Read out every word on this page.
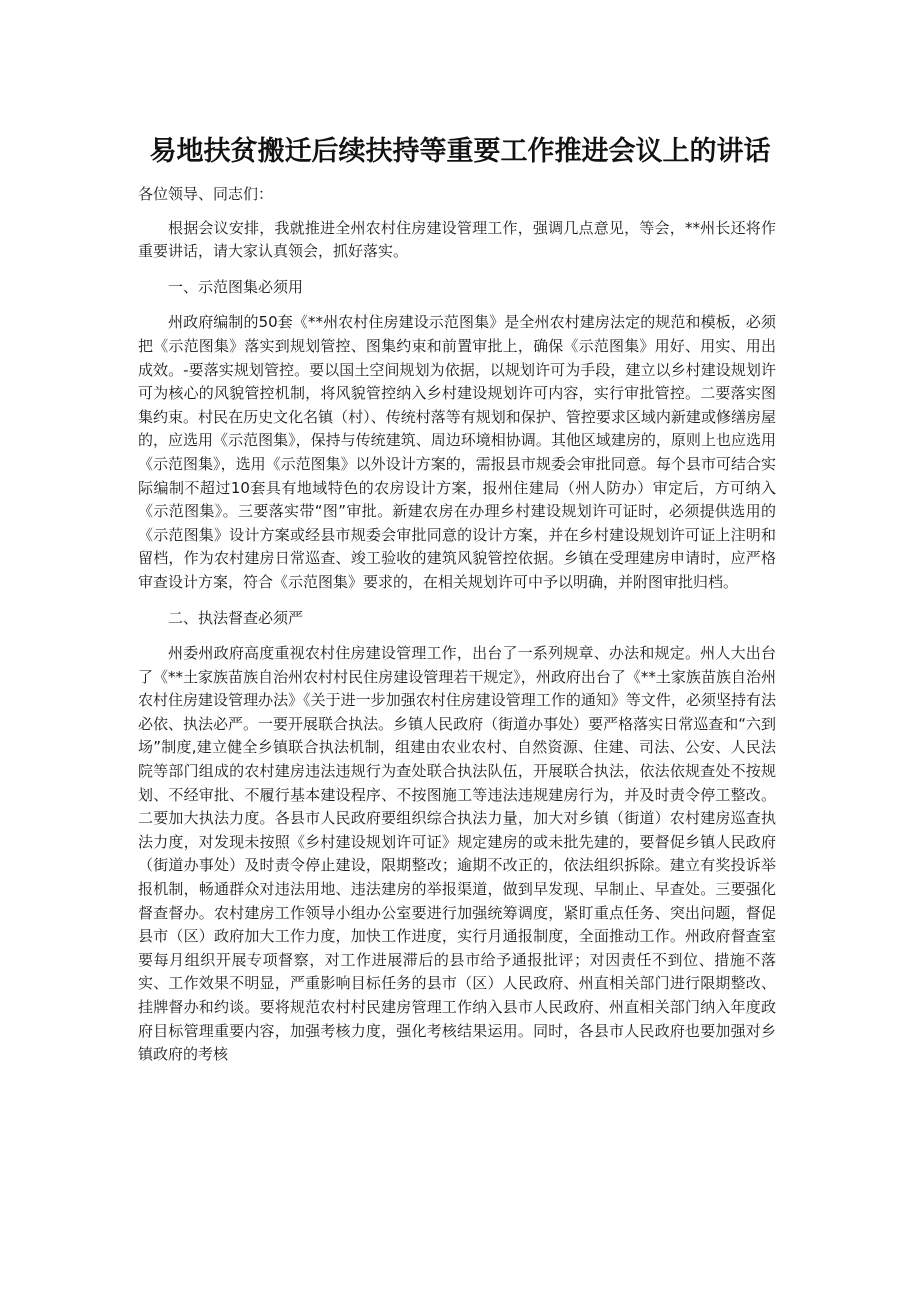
易地扶贫搬迁后续扶持等重要工作推进会议上的讲话

各位领导、同志们：

根据会议安排，我就推进全州农村住房建设管理工作，强调几点意见，等会，**州长还将作重要讲话，请大家认真领会，抓好落实。

一、示范图集必须用

州政府编制的50套《**州农村住房建设示范图集》是全州农村建房法定的规范和模板，必须把《示范图集》落实到规划管控、图集约束和前置审批上，确保《示范图集》用好、用实、用出成效。-要落实规划管控。要以国土空间规划为依据，以规划许可为手段，建立以乡村建设规划许可为核心的风貌管控机制，将风貌管控纳入乡村建设规划许可内容，实行审批管控。二要落实图集约束。村民在历史文化名镇（村）、传统村落等有规划和保护、管控要求区域内新建或修缮房屋的，应选用《示范图集》，保持与传统建筑、周边环境相协调。其他区域建房的，原则上也应选用《示范图集》，选用《示范图集》以外设计方案的，需报县市规委会审批同意。每个县市可结合实际编制不超过10套具有地域特色的农房设计方案，报州住建局（州人防办）审定后，方可纳入《示范图集》。三要落实带“图”审批。新建农房在办理乡村建设规划许可证时，必须提供选用的《示范图集》设计方案或经县市规委会审批同意的设计方案，并在乡村建设规划许可证上注明和留档，作为农村建房日常巡查、竣工验收的建筑风貌管控依据。乡镇在受理建房申请时，应严格审查设计方案，符合《示范图集》要求的，在相关规划许可中予以明确，并附图审批归档。

二、执法督查必须严

州委州政府高度重视农村住房建设管理工作，出台了一系列规章、办法和规定。州人大出台了《**土家族苗族自治州农村村民住房建设管理若干规定》，州政府出台了《**土家族苗族自治州农村住房建设管理办法》《关于进一步加强农村住房建设管理工作的通知》等文件，必须坚持有法必依、执法必严。一要开展联合执法。乡镇人民政府（街道办事处）要严格落实日常巡查和“六到场”制度,建立健全乡镇联合执法机制，组建由农业农村、自然资源、住建、司法、公安、人民法院等部门组成的农村建房违法违规行为查处联合执法队伍，开展联合执法，依法依规查处不按规划、不经审批、不履行基本建设程序、不按图施工等违法违规建房行为，并及时责令停工整改。二要加大执法力度。各县市人民政府要组织综合执法力量，加大对乡镇（街道）农村建房巡查执法力度，对发现未按照《乡村建设规划许可证》规定建房的或未批先建的，要督促乡镇人民政府（街道办事处）及时责令停止建设，限期整改；逾期不改正的，依法组织拆除。建立有奖投诉举报机制，畅通群众对违法用地、违法建房的举报渠道，做到早发现、早制止、早查处。三要强化督查督办。农村建房工作领导小组办公室要进行加强统筹调度，紧盯重点任务、突出问题，督促县市（区）政府加大工作力度，加快工作进度，实行月通报制度，全面推动工作。州政府督查室要每月组织开展专项督察，对工作进展滞后的县市给予通报批评；对因责任不到位、措施不落实、工作效果不明显，严重影响目标任务的县市（区）人民政府、州直相关部门进行限期整改、挂牌督办和约谈。要将规范农村村民建房管理工作纳入县市人民政府、州直相关部门纳入年度政府目标管理重要内容，加强考核力度，强化考核结果运用。同时，各县市人民政府也要加强对乡镇政府的考核
